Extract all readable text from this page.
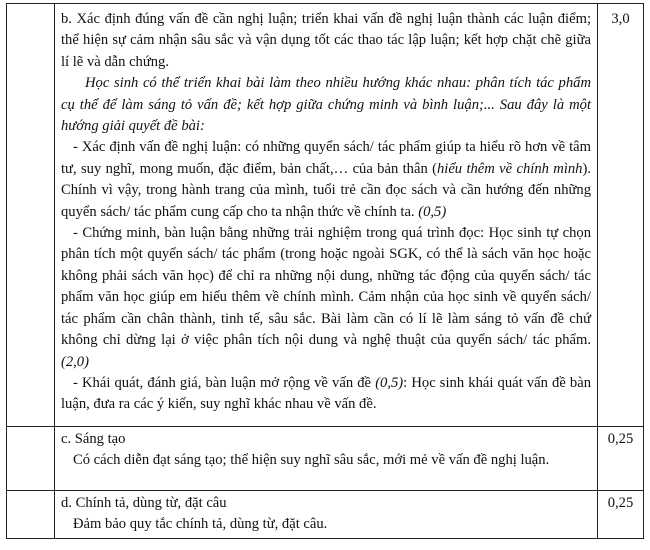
	b. Xác định đúng vấn đề cần nghị luận; triển khai vấn đề nghị luận thành các luận điểm; thể hiện sự cảm nhận sâu sắc và vận dụng tốt các thao tác lập luận; kết hợp chặt chẽ giữa lí lẽ và dẫn chứng.

Học sinh có thể triển khai bài làm theo nhiều hướng khác nhau: phân tích tác phẩm cụ thể để làm sáng tỏ vấn đề; kết hợp giữa chứng minh và bình luận;... Sau đây là một hướng giải quyết đề bài:

- Xác định vấn đề nghị luận: có những quyển sách/ tác phẩm giúp ta hiểu rõ hơn về tâm tư, suy nghĩ, mong muốn, đặc điểm, bản chất,… của bản thân (hiểu thêm về chính mình). Chính vì vậy, trong hành trang của mình, tuổi trẻ cần đọc sách và cần hướng đến những quyển sách/ tác phẩm cung cấp cho ta nhận thức về chính ta. (0,5)

- Chứng minh, bàn luận bằng những trải nghiệm trong quá trình đọc: Học sinh tự chọn phân tích một quyển sách/ tác phẩm (trong hoặc ngoài SGK, có thể là sách văn học hoặc không phải sách văn học) để chỉ ra những nội dung, những tác động của quyển sách/ tác phẩm văn học giúp em hiểu thêm về chính mình. Cảm nhận của học sinh về quyển sách/ tác phẩm cần chân thành, tinh tế, sâu sắc. Bài làm cần có lí lẽ làm sáng tỏ vấn đề chứ không chỉ dừng lại ở việc phân tích nội dung và nghệ thuật của quyển sách/ tác phẩm. (2,0)

- Khái quát, đánh giá, bàn luận mở rộng về vấn đề (0,5): Học sinh khái quát vấn đề bàn luận, đưa ra các ý kiến, suy nghĩ khác nhau về vấn đề.	3,0

	c. Sáng tạo

Có cách diễn đạt sáng tạo; thể hiện suy nghĩ sâu sắc, mới mẻ về vấn đề nghị luận.	0,25

	d. Chính tả, dùng từ, đặt câu

Đảm bảo quy tắc chính tả, dùng từ, đặt câu.	0,25
